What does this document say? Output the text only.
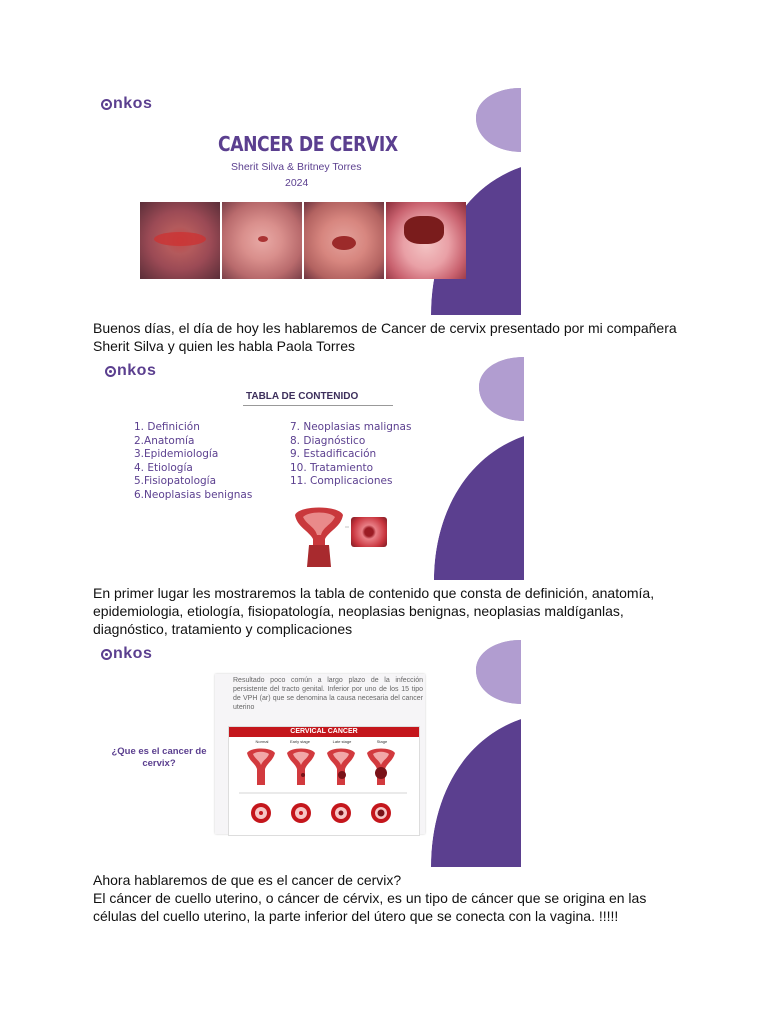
nkos
CANCER DE CERVIX
Sherit Silva & Britney Torres
2024

Buenos días, el día de hoy les hablaremos de Cancer de cervix presentado por mi compañera Sherit Silva y quien les habla Paola Torres

nkos
TABLA DE CONTENIDO
1. Definición
2.Anatomía
3.Epidemiología
4. Etiología
5.Fisiopatología
6.Neoplasias benignas
7. Neoplasias malignas
8. Diagnóstico
9. Estadificación
10. Tratamiento
11. Complicaciones

En primer lugar les mostraremos la tabla de contenido que consta de definición, anatomía, epidemiologia, etiología, fisiopatología, neoplasias benignas, neoplasias maldíganlas, diagnóstico, tratamiento y complicaciones

nkos
¿Que es el cancer de cervix?
Resultado poco común a largo plazo de la infección persistente del tracto genital. Inferior por uno de los 15 tipo de VPH (ar) que se denomina la causa necesaria del cancer uterino
CERVICAL CANCER
Normal	Early stage	Late stage	Stage

Ahora hablaremos de que es el cancer de cervix?

El cáncer de cuello uterino, o cáncer de cérvix, es un tipo de cáncer que se origina en las células del cuello uterino, la parte inferior del útero que se conecta con la vagina. !!!!!
